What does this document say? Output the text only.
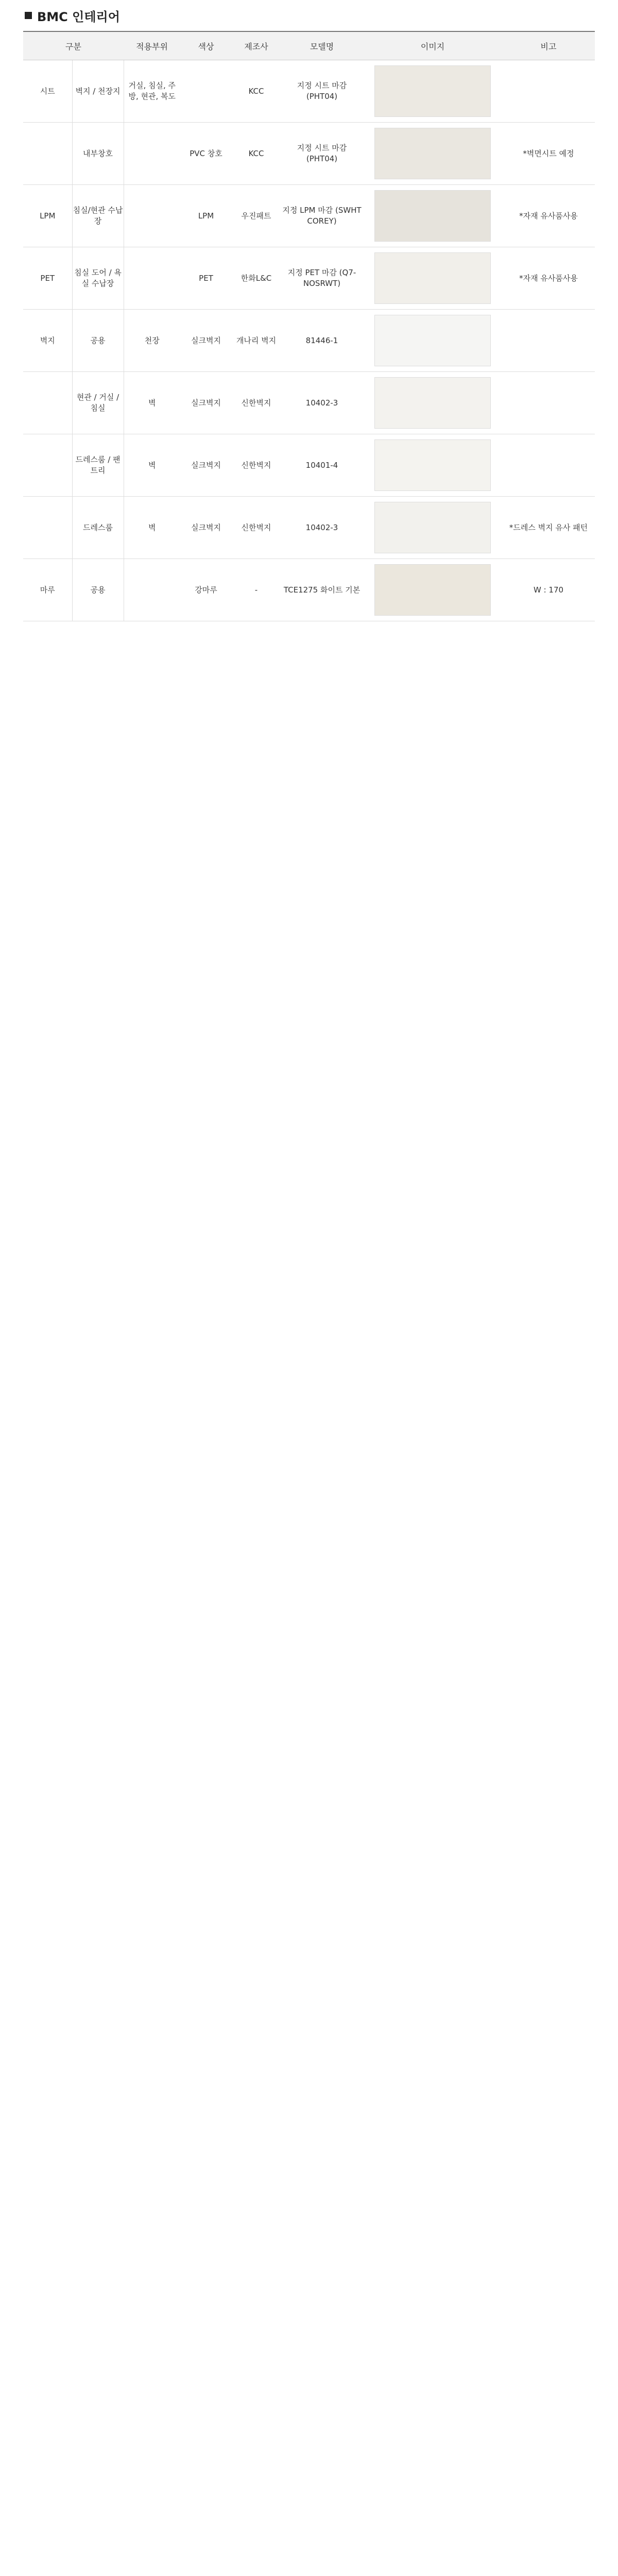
BMC 인테리어
구분		적용부위	색상	제조사	모델명	이미지	비고
시트	벽지 / 천장지	거실, 침실, 주방, 현관, 복도		KCC	지정 시트 마감 (PHT04)	

	내부창호		PVC 창호	KCC	지정 시트 마감 (PHT04)		*벽면시트 예정
LPM	침실/현관 수납장		LPM	우진패트	지정 LPM 마감 (SWHT COREY)		*자재 유사품사용
PET	침실 도어 / 욕실 수납장		PET	한화L&C	지정 PET 마감 (Q7-NOSRWT)		*자재 유사품사용
벽지	공용	천장	실크벽지	개나리 벽지	81446-1	

	현관 / 거실 / 침실	벽	실크벽지	신한벽지	10402-3	

	드레스룸 / 팬트리	벽	실크벽지	신한벽지	10401-4	

	드레스룸	벽	실크벽지	신한벽지	10402-3		*드레스 벽지 유사 패턴
마루	공용		강마루	-	TCE1275 화이트 기본		W : 170
